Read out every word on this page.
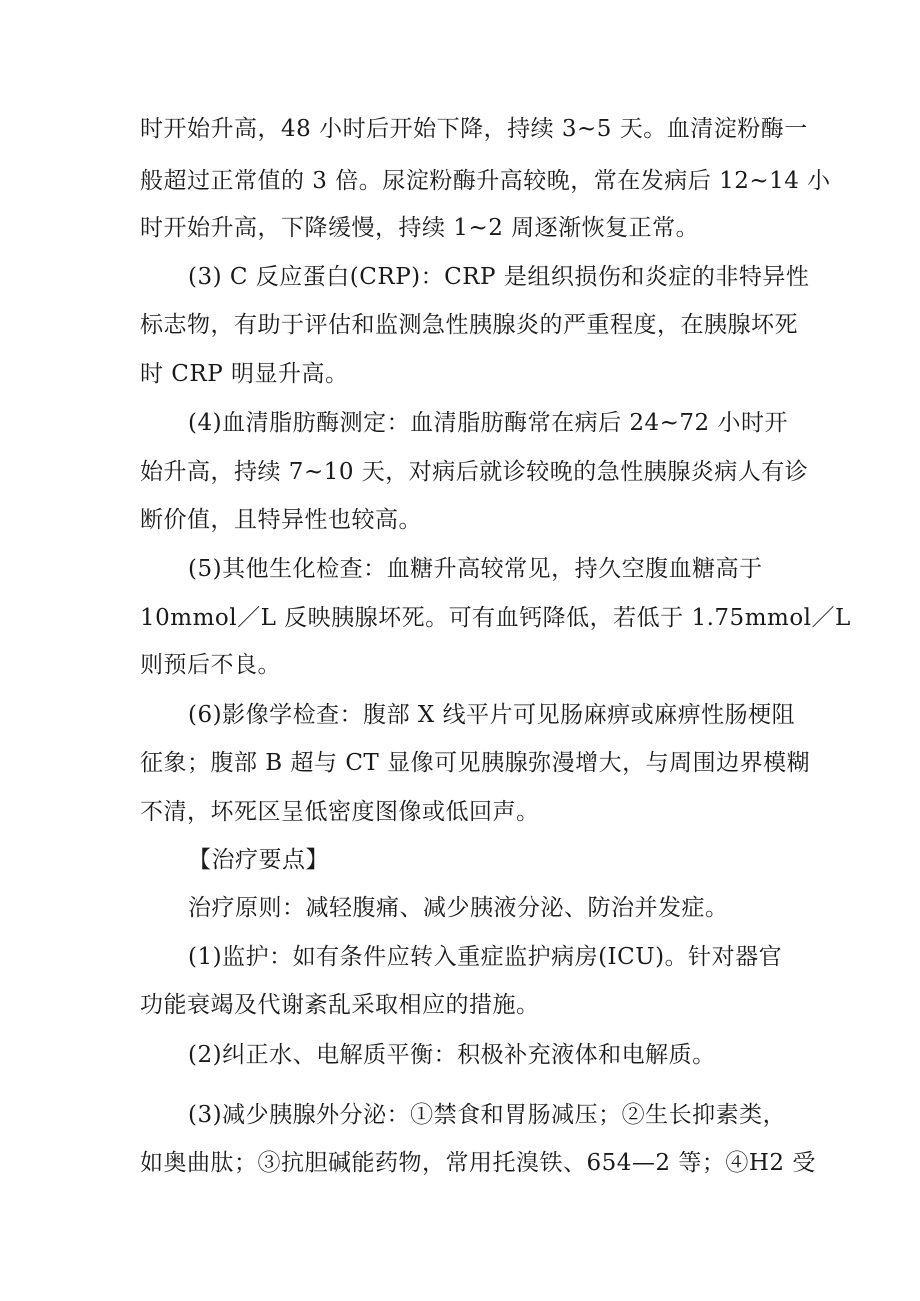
时开始升高，48 小时后开始下降，持续 3~5 天。血清淀粉酶一
般超过正常值的 3 倍。尿淀粉酶升高较晚，常在发病后 12~14 小
时开始升高，下降缓慢，持续 1~2 周逐渐恢复正常。
(3) C 反应蛋白(CRP)：CRP 是组织损伤和炎症的非特异性
标志物，有助于评估和监测急性胰腺炎的严重程度，在胰腺坏死
时 CRP 明显升高。
(4)血清脂肪酶测定：血清脂肪酶常在病后 24~72 小时开
始升高，持续 7~10 天，对病后就诊较晚的急性胰腺炎病人有诊
断价值，且特异性也较高。
(5)其他生化检查：血糖升高较常见，持久空腹血糖高于
10mmol／L 反映胰腺坏死。可有血钙降低，若低于 1.75mmol／L
则预后不良。
(6)影像学检查：腹部 X 线平片可见肠麻痹或麻痹性肠梗阻
征象；腹部 B 超与 CT 显像可见胰腺弥漫增大，与周围边界模糊
不清，坏死区呈低密度图像或低回声。
【治疗要点】
治疗原则：减轻腹痛、减少胰液分泌、防治并发症。
(1)监护：如有条件应转入重症监护病房(ICU)。针对器官
功能衰竭及代谢紊乱采取相应的措施。
(2)纠正水、电解质平衡：积极补充液体和电解质。
(3)减少胰腺外分泌：①禁食和胃肠减压；②生长抑素类，
如奥曲肽；③抗胆碱能药物，常用托溴铁、654—2 等；④H2 受
